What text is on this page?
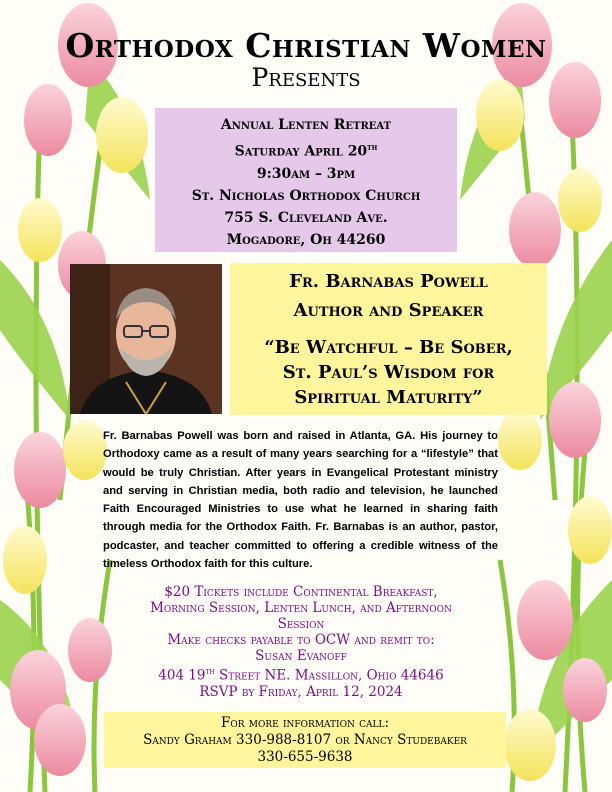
Orthodox Christian Women
Presents
Annual Lenten Retreat
Saturday April 20th
9:30am – 3pm
St. Nicholas Orthodox Church
755 S. Cleveland Ave.
Mogadore, Oh 44260
Fr. Barnabas Powell
Author and Speaker
“Be Watchful – Be Sober,
St. Paul’s Wisdom for
Spiritual Maturity”

Fr. Barnabas Powell was born and raised in Atlanta, GA. His journey to Orthodoxy came as a result of many years searching for a “lifestyle” that would be truly Christian. After years in Evangelical Protestant ministry and serving in Christian media, both radio and television, he launched Faith Encouraged Ministries to use what he learned in sharing faith through media for the Orthodox Faith. Fr. Barnabas is an author, pastor, podcaster, and teacher committed to offering a credible witness of the timeless Orthodox faith for this culture.

$20 Tickets include Continental Breakfast,
Morning Session, Lenten Lunch, and Afternoon
Session
Make checks payable to OCW and remit to:
Susan Evanoff
404 19th Street NE. Massillon, Ohio 44646
RSVP by Friday, April 12, 2024
For more information call:
Sandy Graham 330-988-8107 or Nancy Studebaker
330-655-9638
